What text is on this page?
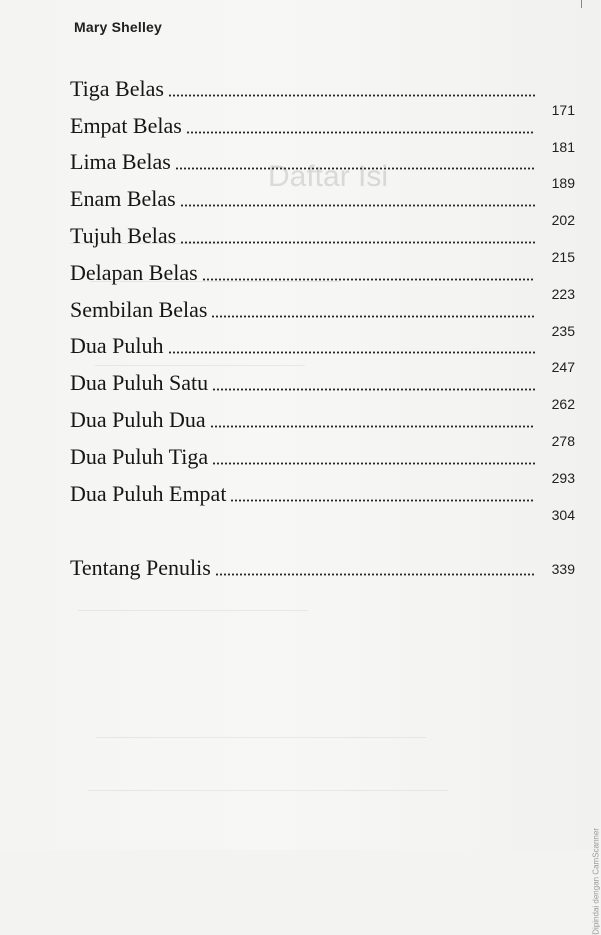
Daftar Isi
Mary Shelley
Tiga Belas
171
Empat Belas
181
Lima Belas
189
Enam Belas
202
Tujuh Belas
215
Delapan Belas
223
Sembilan Belas
235
Dua Puluh
247
Dua Puluh Satu
262
Dua Puluh Dua
278
Dua Puluh Tiga
293
Dua Puluh Empat
304
Tentang Penulis	339
Dipindai dengan CamScanner
